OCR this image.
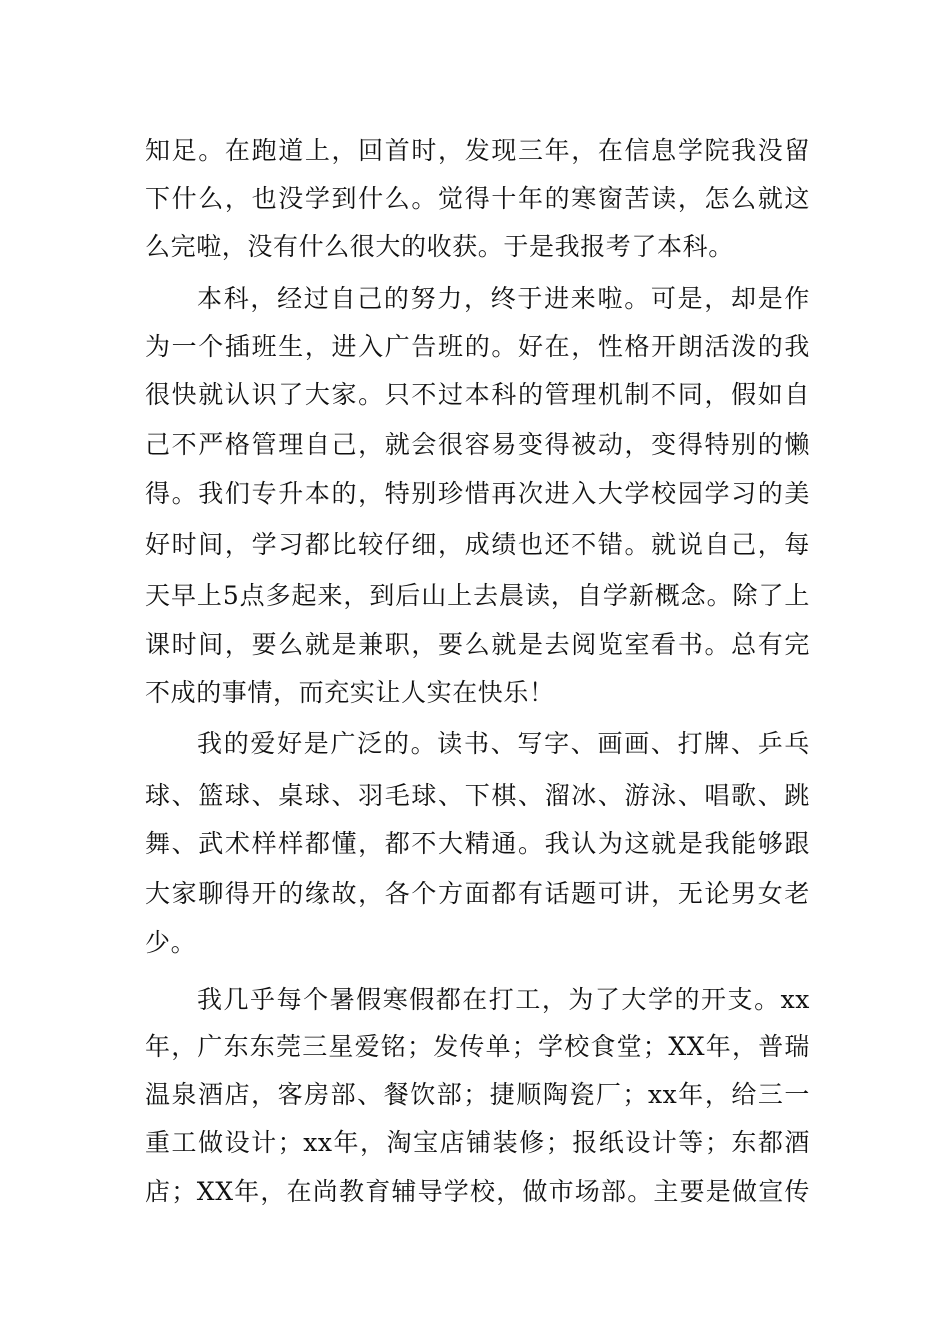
知足。在跑道上，回首时，发现三年，在信息学院我没留
下什么，也没学到什么。觉得十年的寒窗苦读，怎么就这
么完啦，没有什么很大的收获。于是我报考了本科。
本科，经过自己的努力，终于进来啦。可是，却是作
为一个插班生，进入广告班的。好在，性格开朗活泼的我
很快就认识了大家。只不过本科的管理机制不同，假如自
己不严格管理自己，就会很容易变得被动，变得特别的懒
得。我们专升本的，特别珍惜再次进入大学校园学习的美
好时间，学习都比较仔细，成绩也还不错。就说自己，每
天早上5点多起来，到后山上去晨读，自学新概念。除了上
课时间，要么就是兼职，要么就是去阅览室看书。总有完
不成的事情，而充实让人实在快乐！
我的爱好是广泛的。读书、写字、画画、打牌、乒乓
球、篮球、桌球、羽毛球、下棋、溜冰、游泳、唱歌、跳
舞、武术样样都懂，都不大精通。我认为这就是我能够跟
大家聊得开的缘故，各个方面都有话题可讲，无论男女老
少。
我几乎每个暑假寒假都在打工，为了大学的开支。xx
年，广东东莞三星爱铭；发传单；学校食堂；XX年，普瑞
温泉酒店，客房部、餐饮部；捷顺陶瓷厂；xx年，给三一
重工做设计；xx年，淘宝店铺装修；报纸设计等；东都酒
店；XX年，在尚教育辅导学校，做市场部。主要是做宣传
